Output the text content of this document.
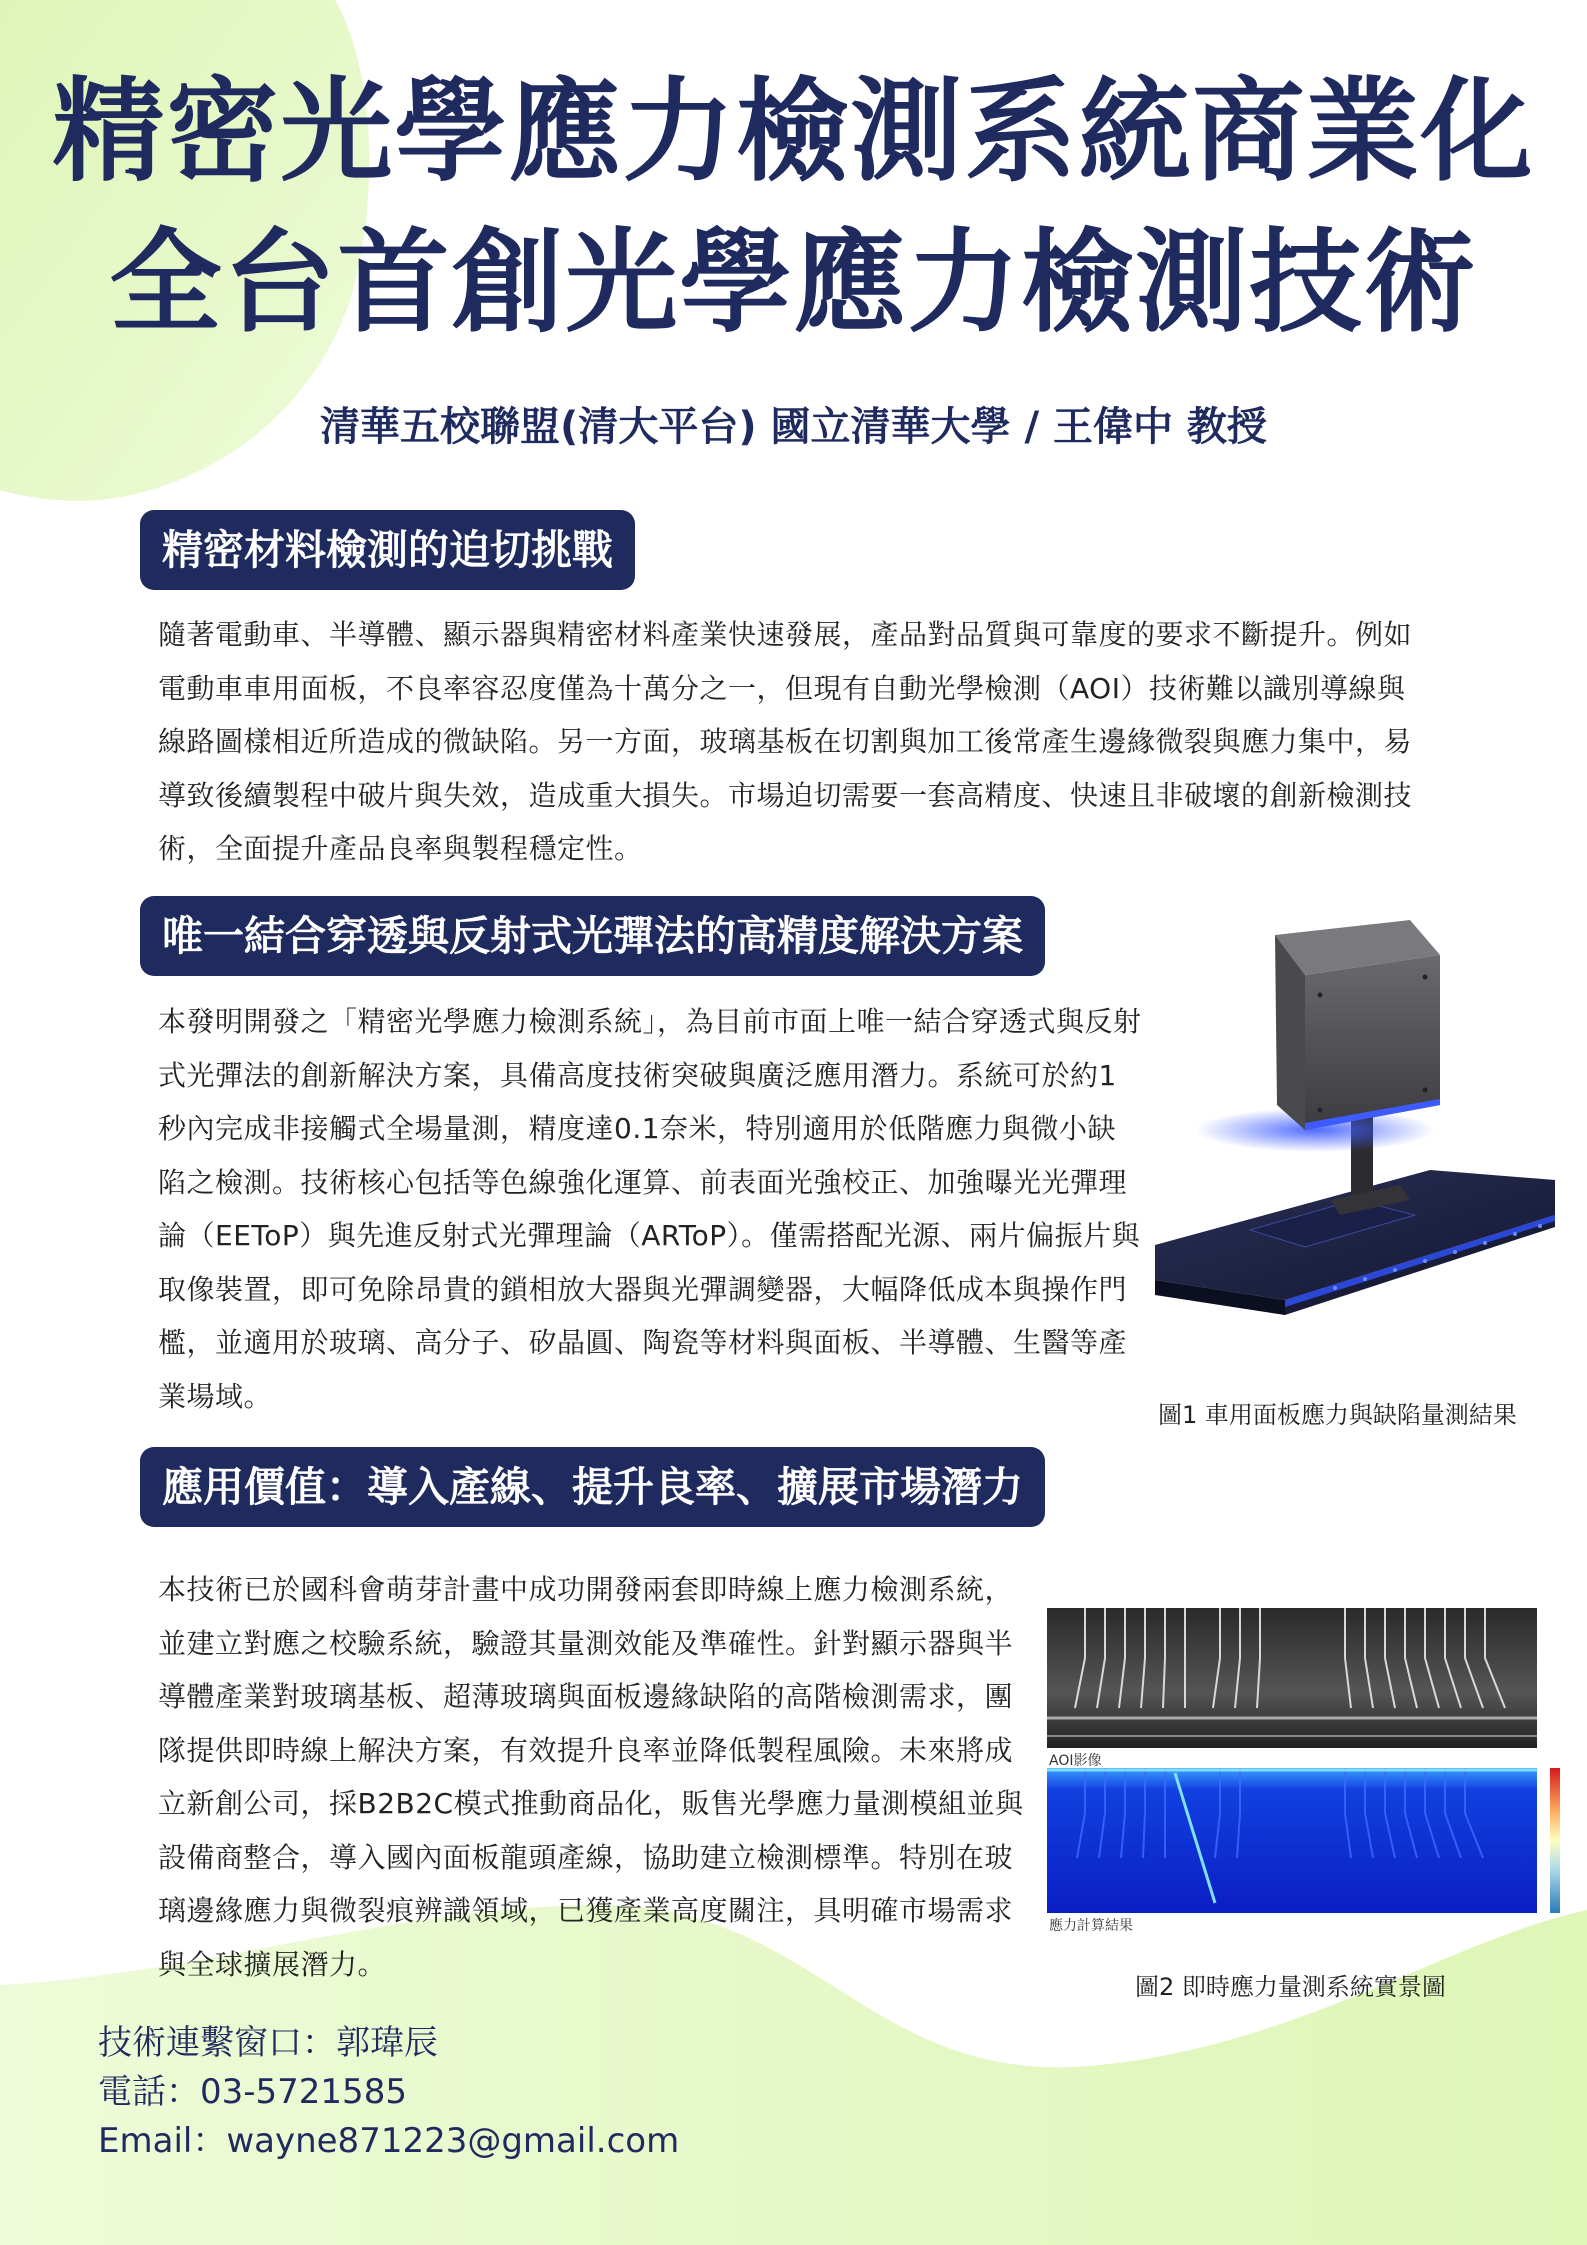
精密光學應力檢測系統商業化
全台首創光學應力檢測技術

清華五校聯盟(清大平台) 國立清華大學 / 王偉中 教授

精密材料檢測的迫切挑戰

隨著電動車、半導體、顯示器與精密材料產業快速發展，產品對品質與可靠度的要求不斷提升。例如電動車車用面板，不良率容忍度僅為十萬分之一，但現有自動光學檢測（AOI）技術難以識別導線與線路圖樣相近所造成的微缺陷。另一方面，玻璃基板在切割與加工後常產生邊緣微裂與應力集中，易導致後續製程中破片與失效，造成重大損失。市場迫切需要一套高精度、快速且非破壞的創新檢測技術，全面提升產品良率與製程穩定性。

唯一結合穿透與反射式光彈法的高精度解決方案

本發明開發之「精密光學應力檢測系統」，為目前市面上唯一結合穿透式與反射式光彈法的創新解決方案，具備高度技術突破與廣泛應用潛力。系統可於約1秒內完成非接觸式全場量測，精度達0.1奈米，特別適用於低階應力與微小缺陷之檢測。技術核心包括等色線強化運算、前表面光強校正、加強曝光光彈理論（EEToP）與先進反射式光彈理論（ARToP）。僅需搭配光源、兩片偏振片與取像裝置，即可免除昂貴的鎖相放大器與光彈調變器，大幅降低成本與操作門檻，並適用於玻璃、高分子、矽晶圓、陶瓷等材料與面板、半導體、生醫等產業場域。

應用價值：導入產線、提升良率、擴展市場潛力

本技術已於國科會萌芽計畫中成功開發兩套即時線上應力檢測系統，並建立對應之校驗系統，驗證其量測效能及準確性。針對顯示器與半導體產業對玻璃基板、超薄玻璃與面板邊緣缺陷的高階檢測需求，團隊提供即時線上解決方案，有效提升良率並降低製程風險。未來將成立新創公司，採B2B2C模式推動商品化，販售光學應力量測模組並與設備商整合，導入國內面板龍頭產線，協助建立檢測標準。特別在玻璃邊緣應力與微裂痕辨識領域，已獲產業高度關注，具明確市場需求與全球擴展潛力。

圖1 車用面板應力與缺陷量測結果

AOI影像
應力計算結果

圖2 即時應力量測系統實景圖

技術連繫窗口：郭瑋辰

電話：03-5721585

Email：wayne871223@gmail.com
